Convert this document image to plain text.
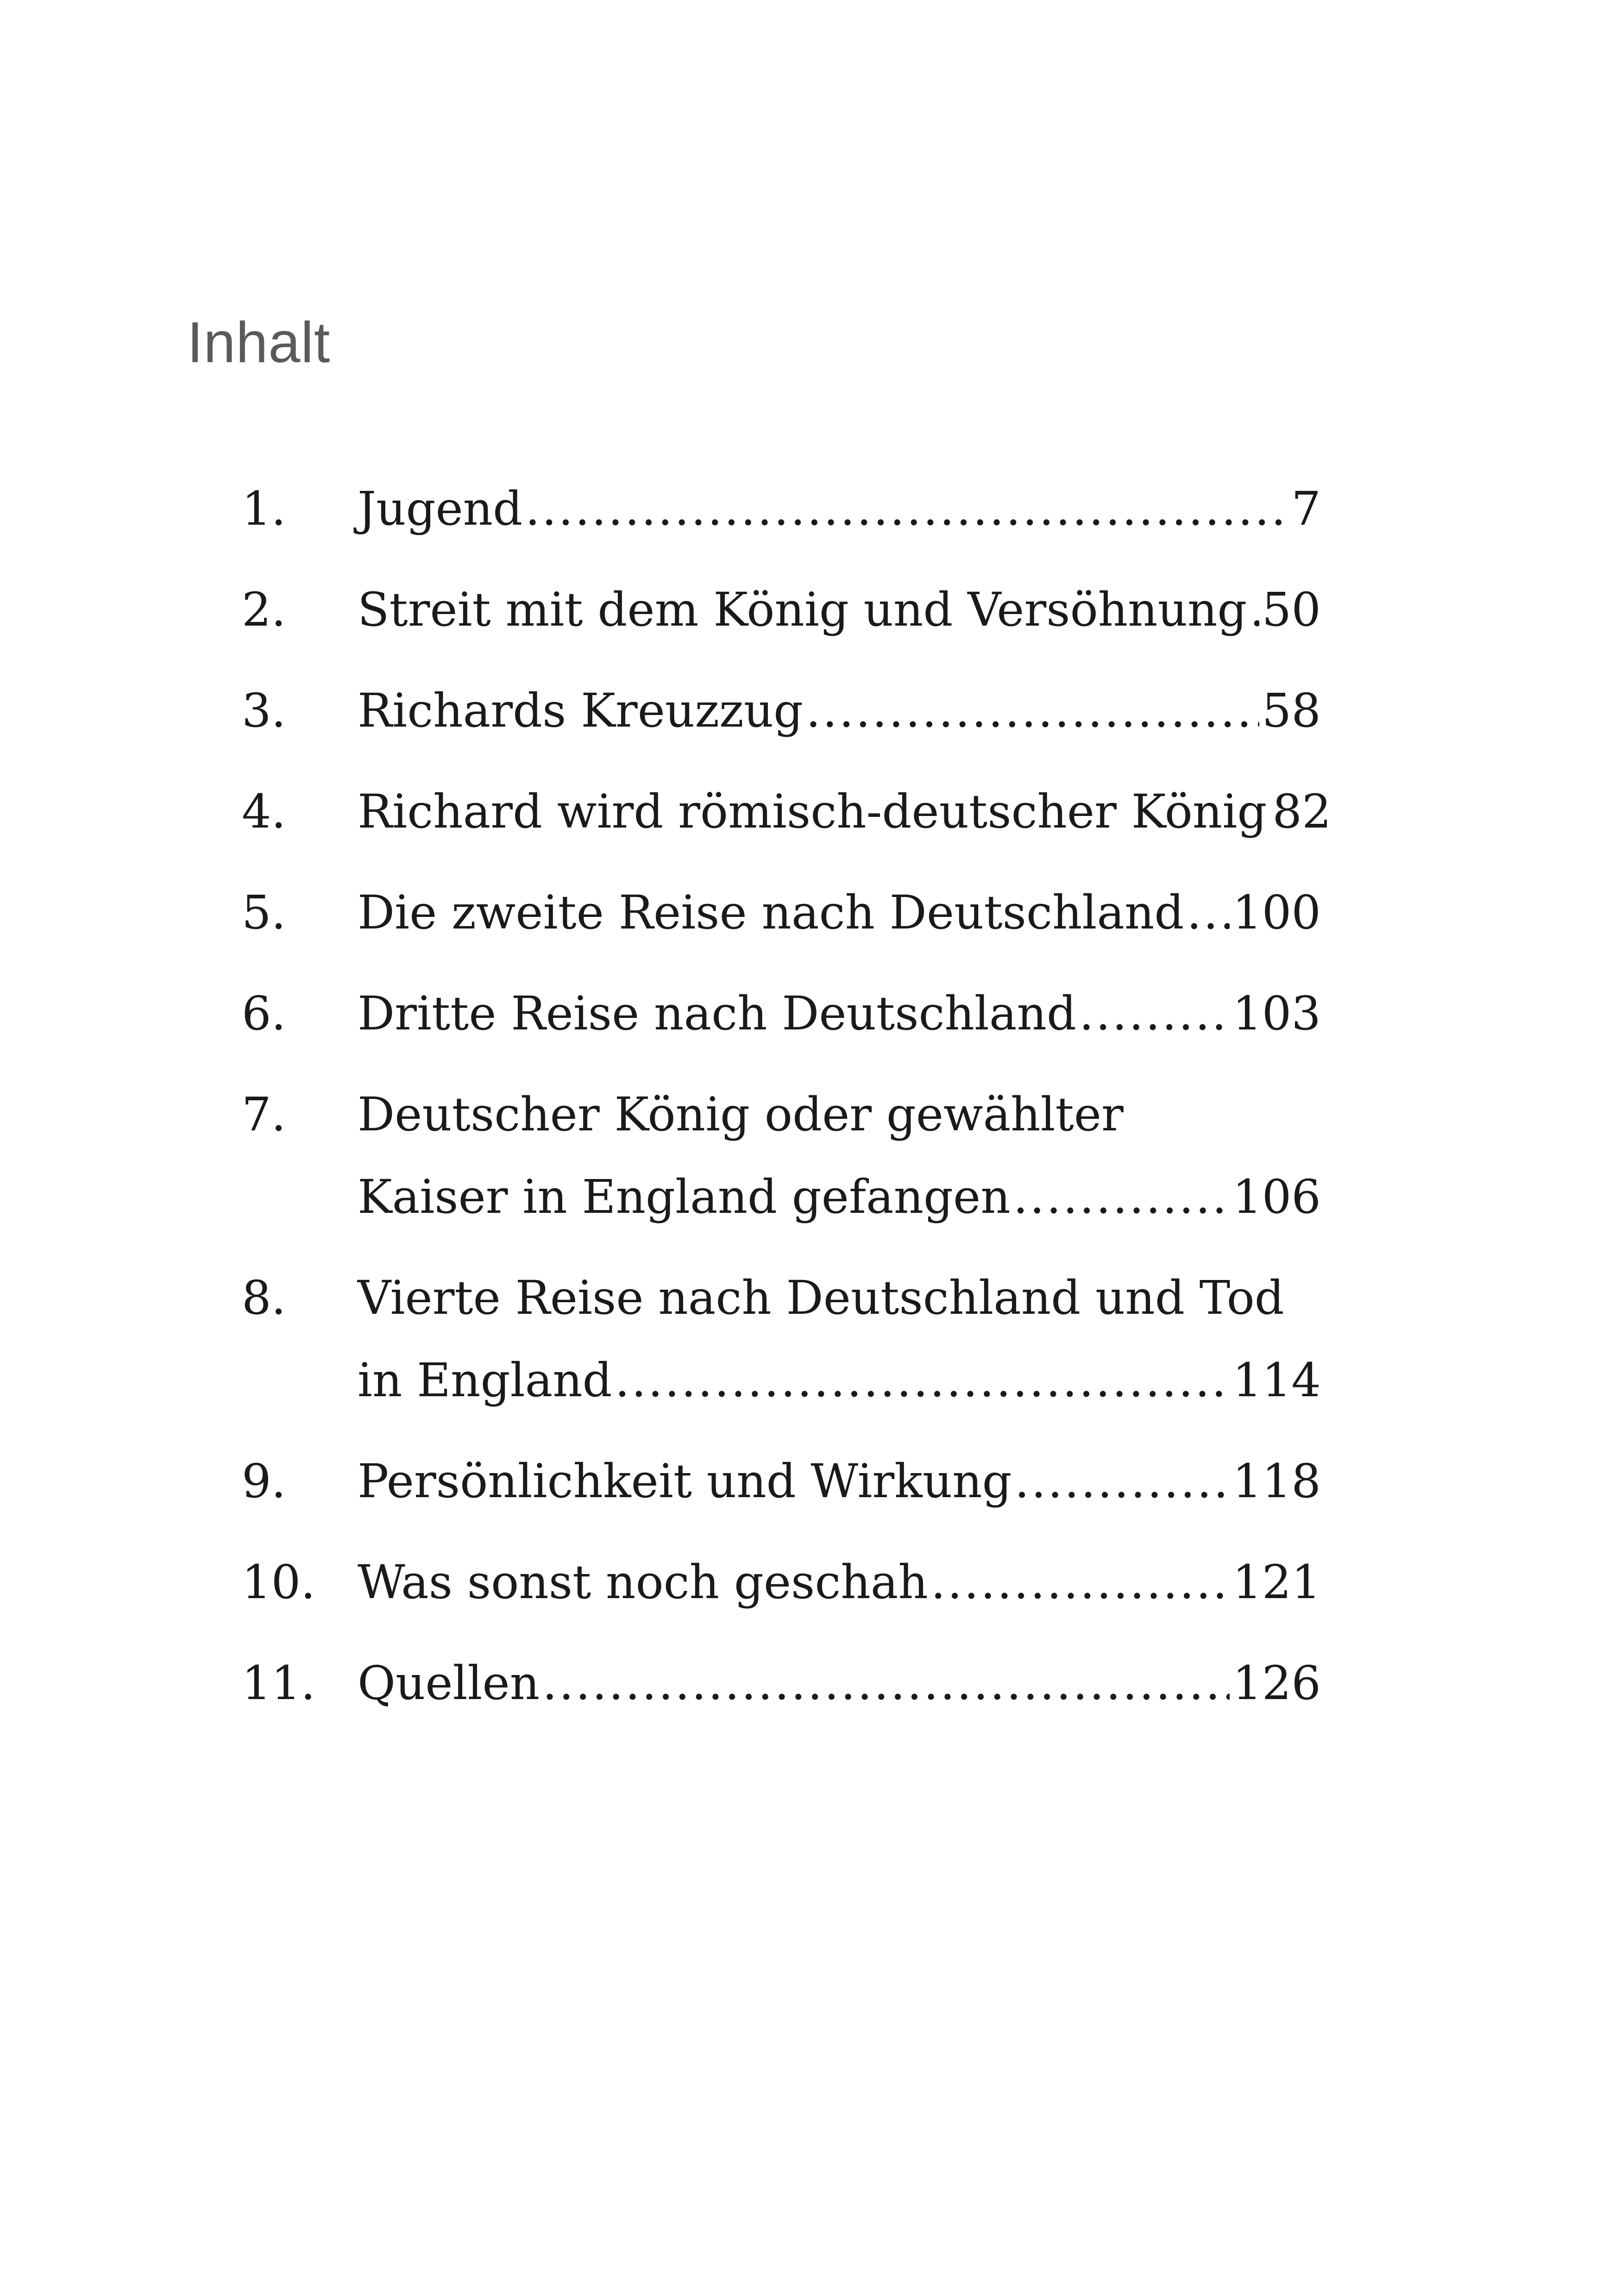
Inhalt
1.	Jugend .....	7
2.	Streit mit dem König und Versöhnung ..... 50
3.	Richards Kreuzzug .....	58
4.	Richard wird römisch-deutscher König 82
5.	Die zweite Reise nach Deutschland ..... 100
6.	Dritte Reise nach Deutschland .....	103
7.	Deutscher König oder gewählter
Kaiser in England gefangen .....	106
8.	Vierte Reise nach Deutschland und Tod
in England .....	114
9.	Persönlichkeit und Wirkung .....	118
10. Was sonst noch geschah .....	121
11. Quellen .....	126
